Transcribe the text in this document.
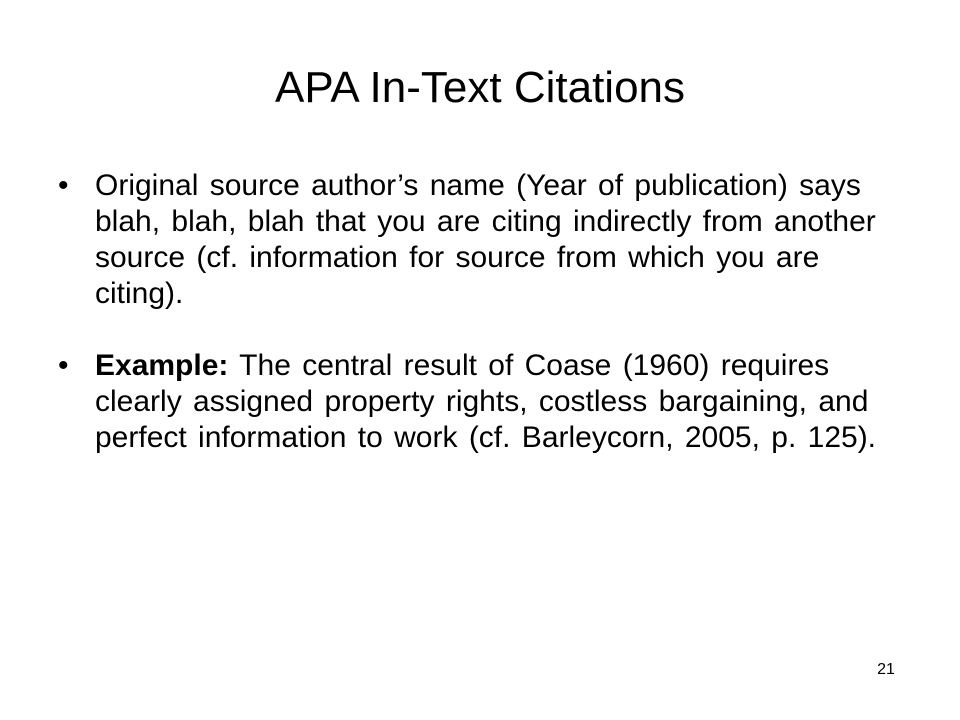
APA In-Text Citations
• Original source author’s name (Year of publication) says blah, blah, blah that you are citing indirectly from another source (cf. information for source from which you are citing).
• Example: The central result of Coase (1960) requires clearly assigned property rights, costless bargaining, and perfect information to work (cf. Barleycorn, 2005, p. 125).
21
